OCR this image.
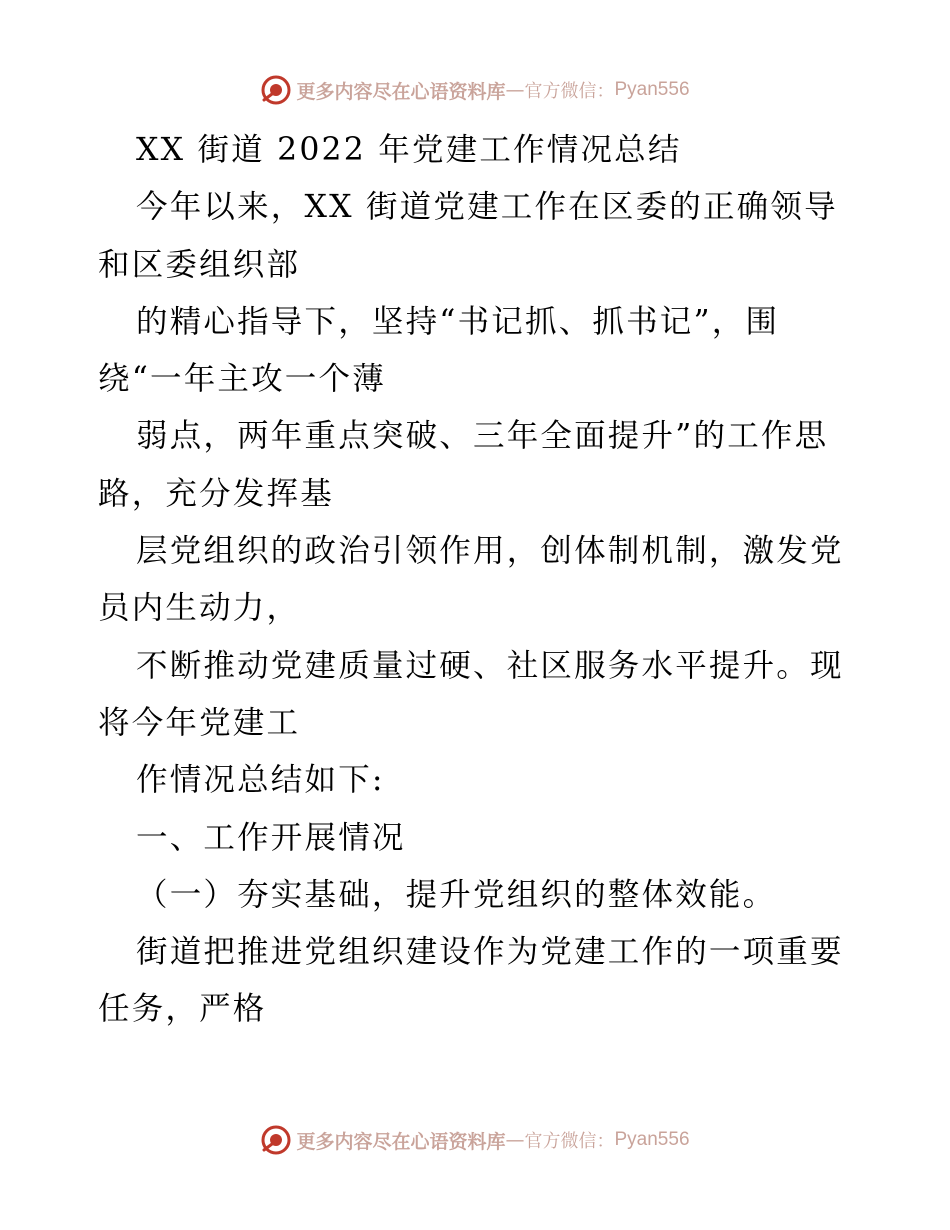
更多内容尽在心语资料库 — 官方微信： Pyan556
XX 街道 2022 年党建工作情况总结
今年以来，XX 街道党建工作在区委的正确领导
和区委组织部
的精心指导下，坚持“书记抓、抓书记”，围
绕“一年主攻一个薄
弱点，两年重点突破、三年全面提升”的工作思
路，充分发挥基
层党组织的政治引领作用，创体制机制，激发党
员内生动力，
不断推动党建质量过硬、社区服务水平提升。现
将今年党建工
作情况总结如下:
一、工作开展情况
（一）夯实基础，提升党组织的整体效能。
街道把推进党组织建设作为党建工作的一项重要
任务，严格
更多内容尽在心语资料库 — 官方微信： Pyan556
